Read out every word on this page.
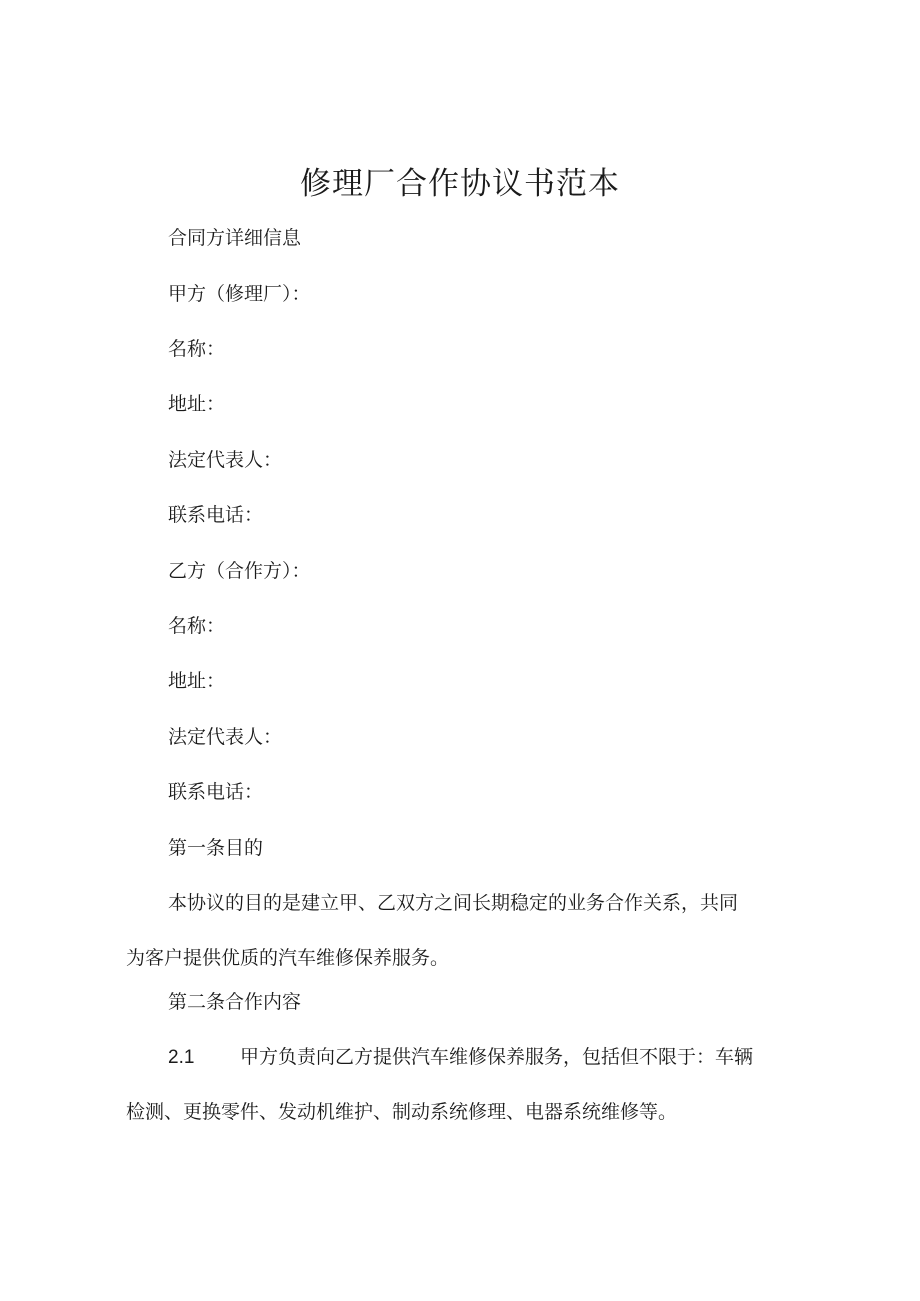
修理厂合作协议书范本

合同方详细信息

甲方（修理厂）：

名称：

地址：

法定代表人：

联系电话：

乙方（合作方）：

名称：

地址：

法定代表人：

联系电话：

第一条目的

本协议的目的是建立甲、乙双方之间长期稳定的业务合作关系，共同
为客户提供优质的汽车维修保养服务。

第二条合作内容

2.1 甲方负责向乙方提供汽车维修保养服务，包括但不限于：车辆
检测、更换零件、发动机维护、制动系统修理、电器系统维修等。
